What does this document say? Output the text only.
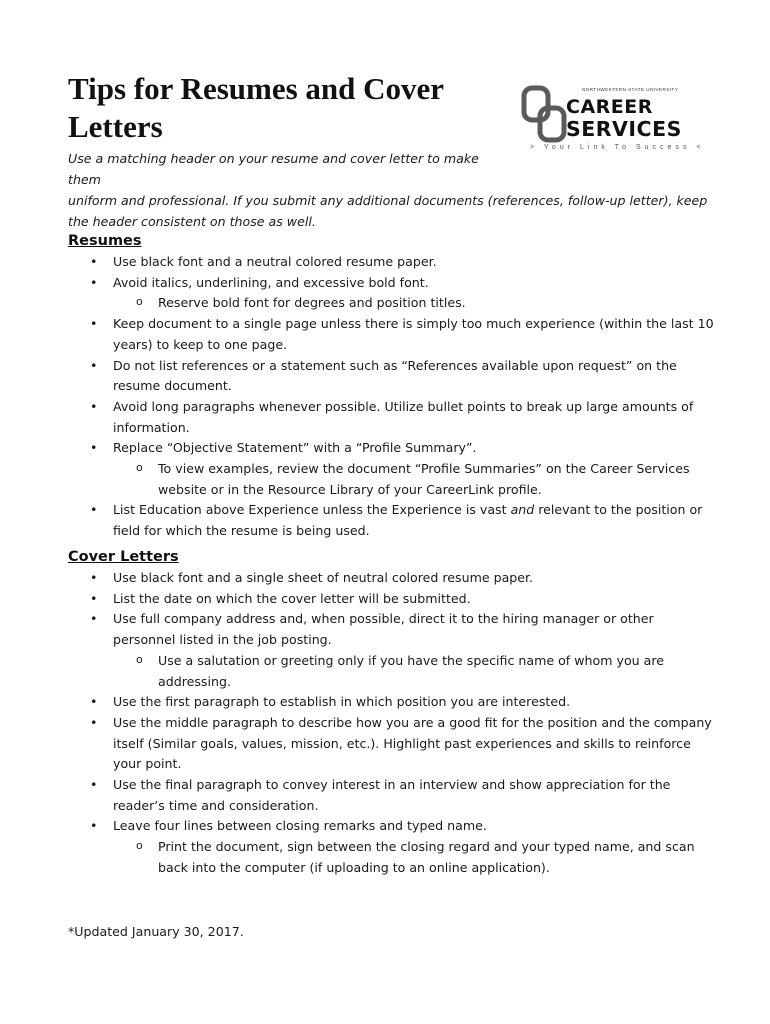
Tips for Resumes and Cover Letters
NORTHWESTERN STATE UNIVERSITY
CAREER
SERVICES
> Your Link To Success <

Use a matching header on your resume and cover letter to make them
uniform and professional. If you submit any additional documents (references, follow-up letter), keep the header consistent on those as well.

Resumes
• Use black font and a neutral colored resume paper.
• Avoid italics, underlining, and excessive bold font.
o Reserve bold font for degrees and position titles.
• Keep document to a single page unless there is simply too much experience (within the last 10 years) to keep to one page.
• Do not list references or a statement such as “References available upon request” on the resume document.
• Avoid long paragraphs whenever possible. Utilize bullet points to break up large amounts of information.
• Replace “Objective Statement” with a “Profile Summary”.
o To view examples, review the document “Profile Summaries” on the Career Services website or in the Resource Library of your CareerLink profile.
• List Education above Experience unless the Experience is vast and relevant to the position or field for which the resume is being used.
Cover Letters
• Use black font and a single sheet of neutral colored resume paper.
• List the date on which the cover letter will be submitted.
• Use full company address and, when possible, direct it to the hiring manager or other personnel listed in the job posting.
o Use a salutation or greeting only if you have the specific name of whom you are addressing.
• Use the first paragraph to establish in which position you are interested.
• Use the middle paragraph to describe how you are a good fit for the position and the company itself (Similar goals, values, mission, etc.). Highlight past experiences and skills to reinforce your point.
• Use the final paragraph to convey interest in an interview and show appreciation for the reader’s time and consideration.
• Leave four lines between closing remarks and typed name.
o Print the document, sign between the closing regard and your typed name, and scan back into the computer (if uploading to an online application).

*Updated January 30, 2017.
